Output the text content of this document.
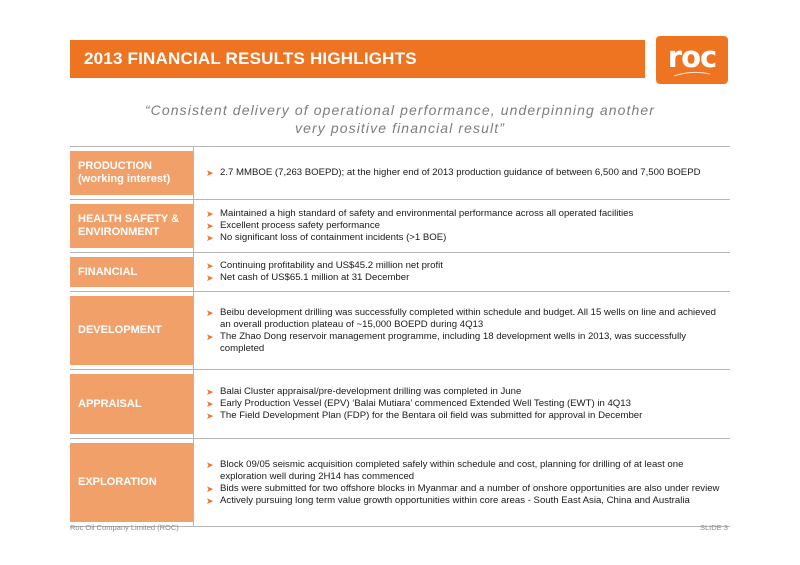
2013 FINANCIAL RESULTS HIGHLIGHTS	roc
“Consistent delivery of operational performance, underpinning another
very positive financial result”
PRODUCTION
(working interest)	➤ 2.7 MMBOE (7,263 BOEPD); at the higher end of 2013 production guidance of between 6,500 and 7,500 BOEPD
HEALTH SAFETY &
ENVIRONMENT
➤ Maintained a high standard of safety and environmental performance across all operated facilities
➤ Excellent process safety performance
➤ No significant loss of containment incidents (>1 BOE)
FINANCIAL	➤ Continuing profitability and US$45.2 million net profit
➤ Net cash of US$65.1 million at 31 December
DEVELOPMENT
➤ Beibu development drilling was successfully completed within schedule and budget. All 15 wells on line and achieved an overall production plateau of ~15,000 BOEPD during 4Q13
➤ The Zhao Dong reservoir management programme, including 18 development wells in 2013, was successfully completed
APPRAISAL
➤ Balai Cluster appraisal/pre-development drilling was completed in June
➤ Early Production Vessel (EPV) ‘Balai Mutiara’ commenced Extended Well Testing (EWT) in 4Q13
➤ The Field Development Plan (FDP) for the Bentara oil field was submitted for approval in December
EXPLORATION
➤ Block 09/05 seismic acquisition completed safely within schedule and cost, planning for drilling of at least one exploration well during 2H14 has commenced
➤ Bids were submitted for two offshore blocks in Myanmar and a number of onshore opportunities are also under review
➤ Actively pursuing long term value growth opportunities within core areas - South East Asia, China and Australia
Roc Oil Company Limited (ROC)	SLIDE 3
